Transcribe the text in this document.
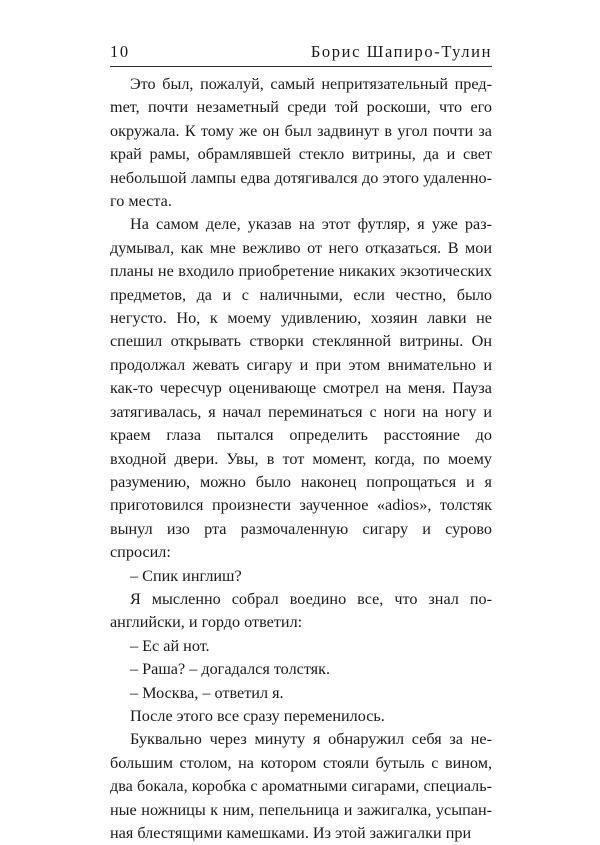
10	Борис Шапиро-Тулин

Это был, пожалуй, самый непритязательный предmет, почти незаметный среди той роскоши, что его окружала. К тому же он был задвинут в угол почти за край рамы, обрамлявшей стекло витрины, да и свет небольшой лампы едва дотягивался до этого удаленного места.

На самом деле, указав на этот футляр, я уже раздумывал, как мне вежливо от него отказаться. В мои планы не входило приобретение никаких экзотических предметов, да и с наличными, если честно, было негусто. Но, к моему удивлению, хозяин лавки не спешил открывать створки стеклянной витрины. Он продолжал жевать сигару и при этом внимательно и как-то чересчур оценивающе смотрел на меня. Пауза затягивалась, я начал переминаться с ноги на ногу и краем глаза пытался определить расстояние до входной двери. Увы, в тот момент, когда, по моему разумению, можно было наконец попрощаться и я приготовился произнести заученное «adios», толстяк вынул изо рта размочаленную сигару и сурово спросил:

– Спик инглиш?

Я мысленно собрал воедино все, что знал по-английски, и гордо ответил:

– Ес ай нот.

– Раша? – догадался толстяк.

– Москва, – ответил я.

После этого все сразу переменилось.

Буквально через минуту я обнаружил себя за небольшим столом, на котором стояли бутыль с вином, два бокала, коробка с ароматными сигарами, специальные ножницы к ним, пепельница и зажигалка, усыпанная блестящими камешками. Из этой зажигалки при
